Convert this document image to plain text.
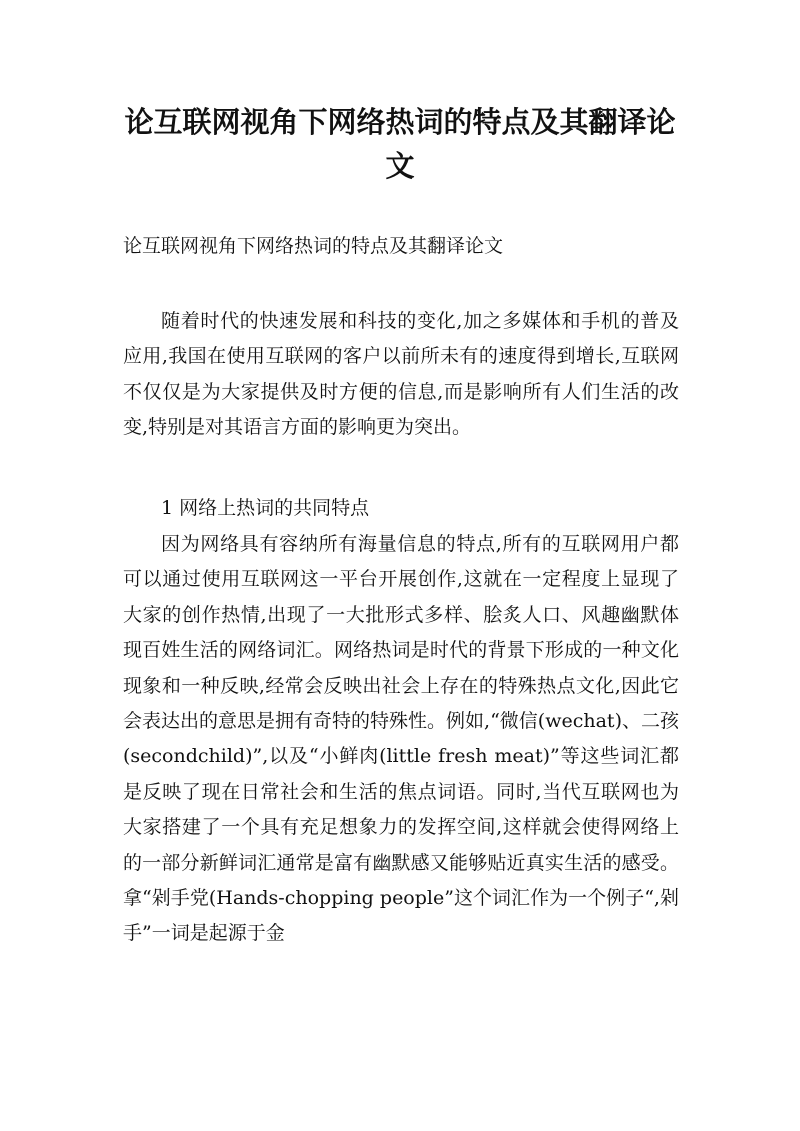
论互联网视角下网络热词的特点及其翻译论文

论互联网视角下网络热词的特点及其翻译论文

随着时代的快速发展和科技的变化,加之多媒体和手机的普及应用,我国在使用互联网的客户以前所未有的速度得到增长,互联网不仅仅是为大家提供及时方便的信息,而是影响所有人们生活的改变,特别是对其语言方面的影响更为突出。

1 网络上热词的共同特点

因为网络具有容纳所有海量信息的特点,所有的互联网用户都可以通过使用互联网这一平台开展创作,这就在一定程度上显现了大家的创作热情,出现了一大批形式多样、脍炙人口、风趣幽默体现百姓生活的网络词汇。网络热词是时代的背景下形成的一种文化现象和一种反映,经常会反映出社会上存在的特殊热点文化,因此它会表达出的意思是拥有奇特的特殊性。例如,“微信(wechat)、二孩(secondchild)”,以及“小鲜肉(little fresh meat)”等这些词汇都是反映了现在日常社会和生活的焦点词语。同时,当代互联网也为大家搭建了一个具有充足想象力的发挥空间,这样就会使得网络上的一部分新鲜词汇通常是富有幽默感又能够贴近真实生活的感受。拿“剁手党(Hands-chopping people”这个词汇作为一个例子“,剁手”一词是起源于金
